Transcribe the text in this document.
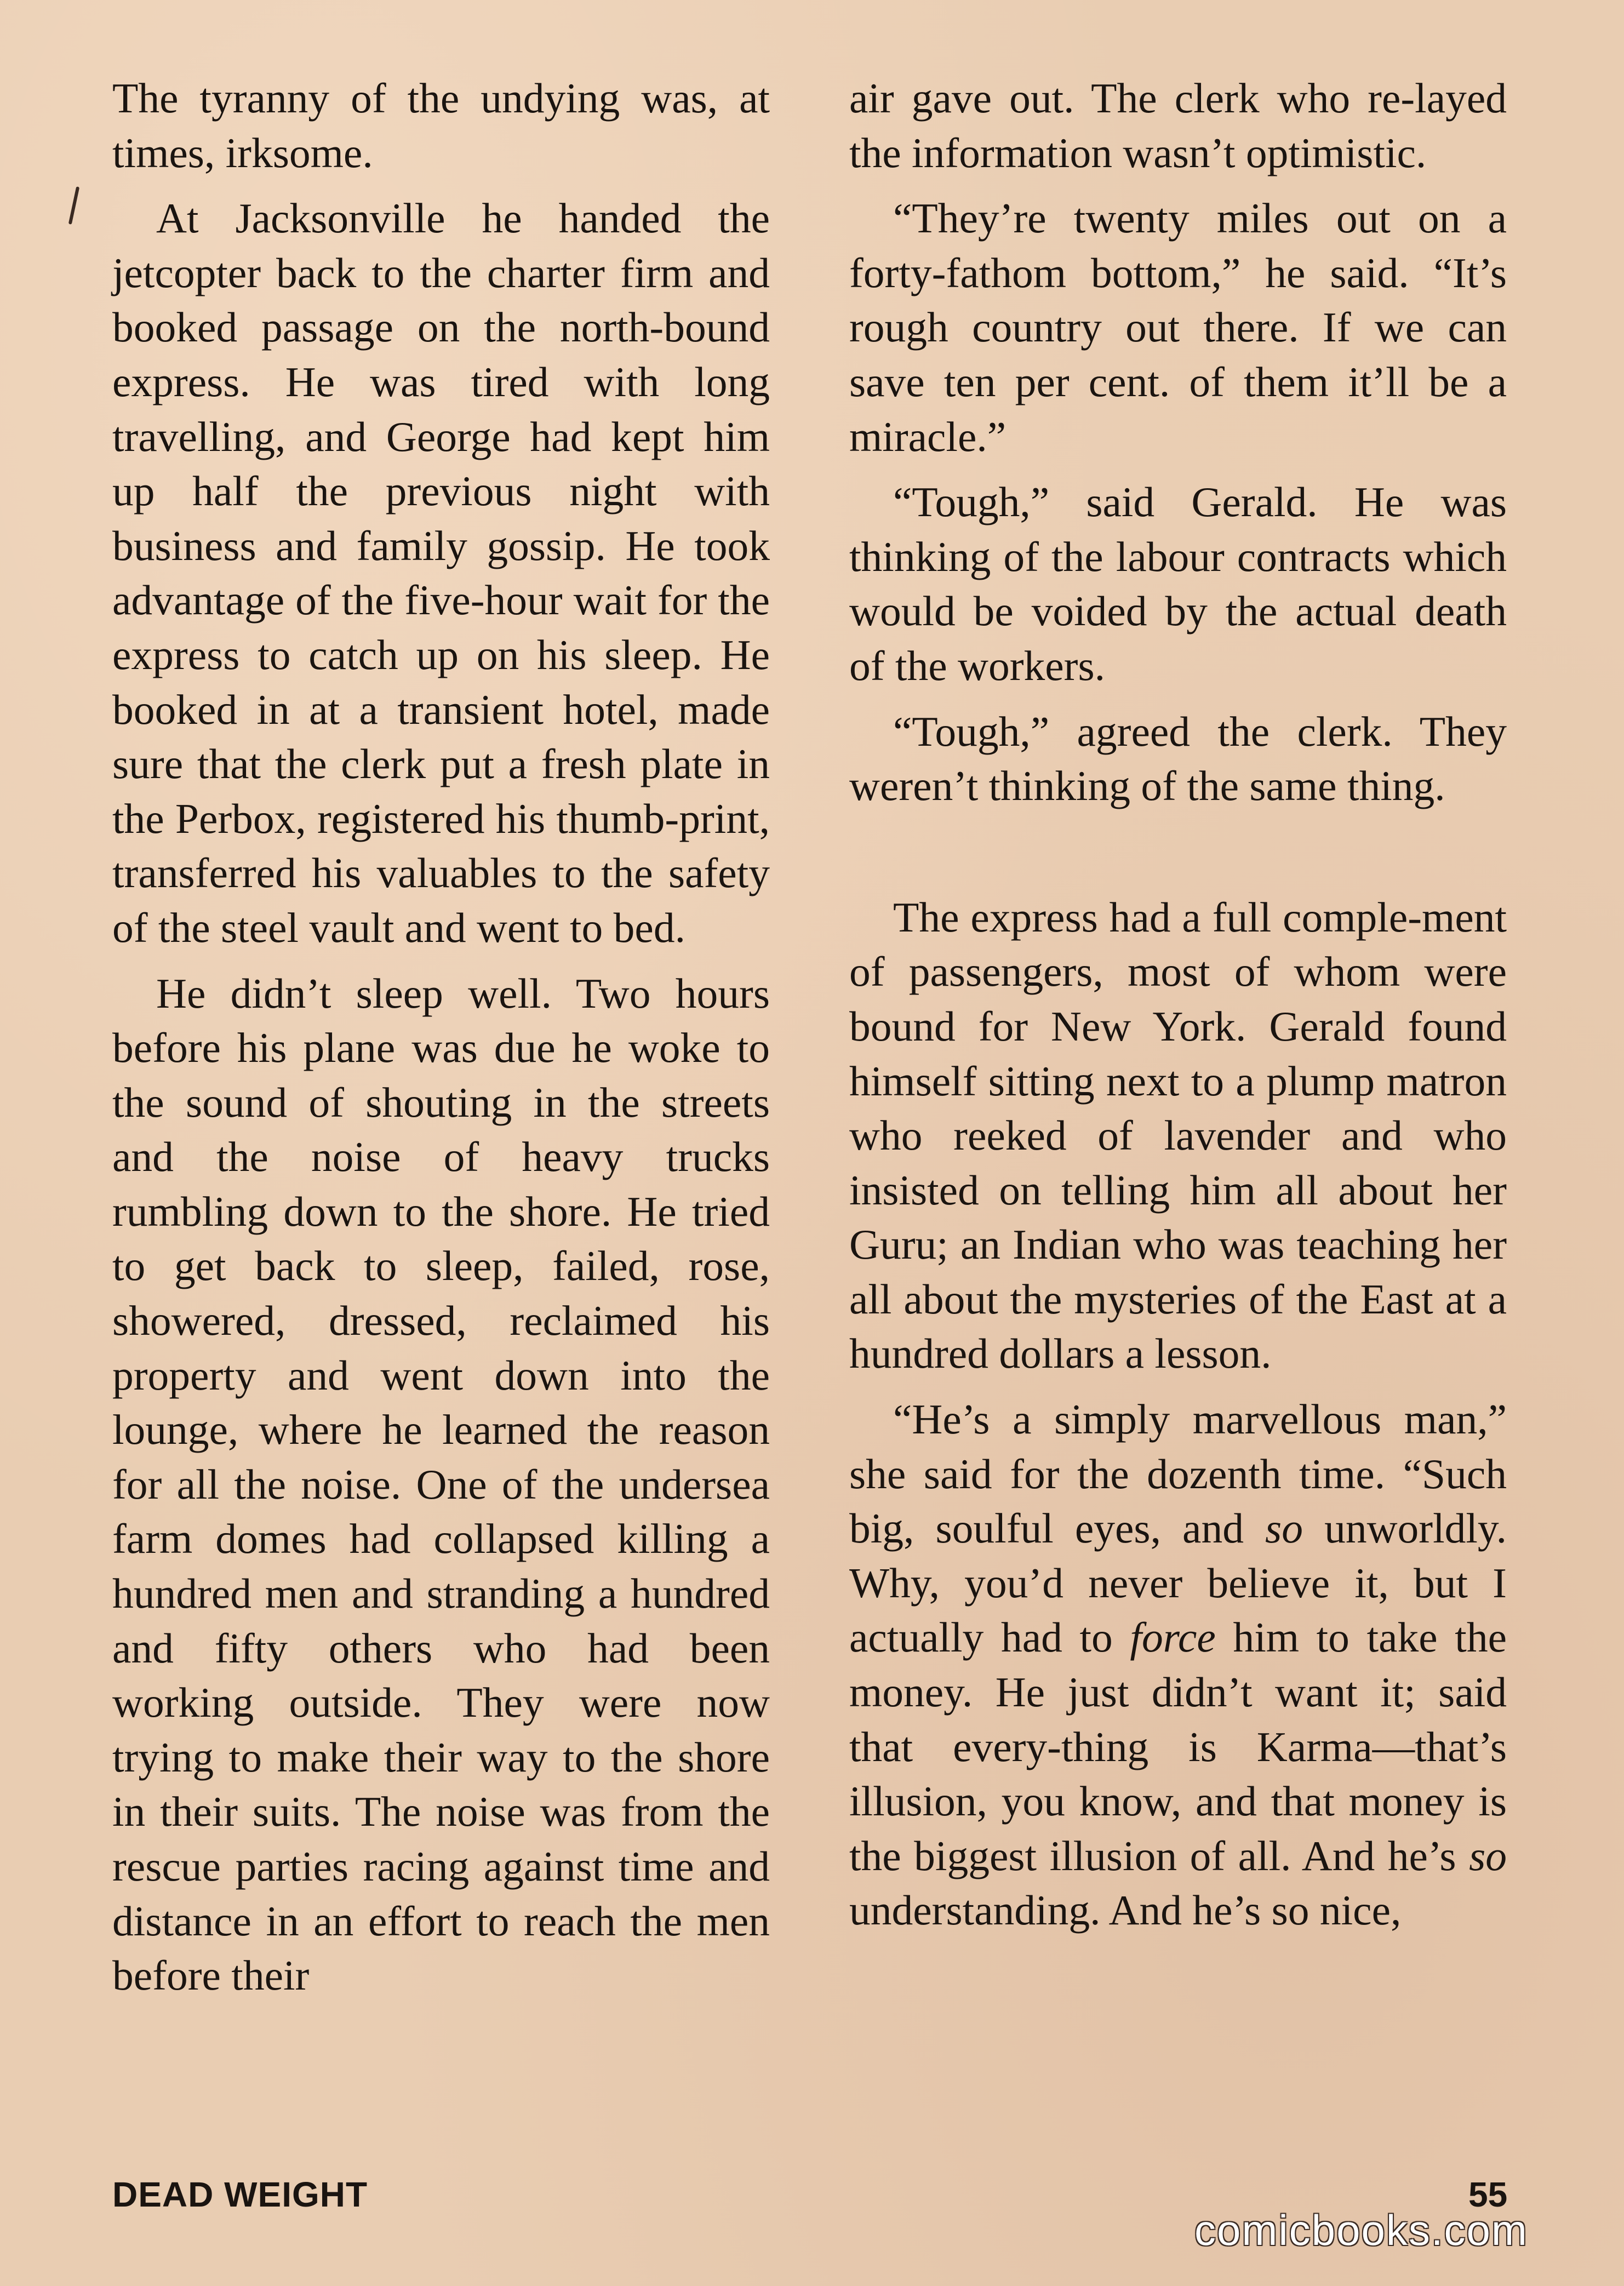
The tyranny of the undying was, at times, irksome.

At Jacksonville he handed the jetcopter back to the charter firm and booked passage on the north-bound express. He was tired with long travelling, and George had kept him up half the previous night with business and family gossip. He took advantage of the five-hour wait for the express to catch up on his sleep. He booked in at a transient hotel, made sure that the clerk put a fresh plate in the Perbox, registered his thumb-print, transferred his valuables to the safety of the steel vault and went to bed.

He didn’t sleep well. Two hours before his plane was due he woke to the sound of shouting in the streets and the noise of heavy trucks rumbling down to the shore. He tried to get back to sleep, failed, rose, showered, dressed, reclaimed his property and went down into the lounge, where he learned the reason for all the noise. One of the undersea farm domes had collapsed killing a hundred men and stranding a hundred and fifty others who had been working outside. They were now trying to make their way to the shore in their suits. The noise was from the rescue parties racing against time and distance in an effort to reach the men before their

air gave out. The clerk who re-layed the information wasn’t optimistic.

“They’re twenty miles out on a forty-fathom bottom,” he said. “It’s rough country out there. If we can save ten per cent. of them it’ll be a miracle.”

“Tough,” said Gerald. He was thinking of the labour contracts which would be voided by the actual death of the workers.

“Tough,” agreed the clerk. They weren’t thinking of the same thing.

The express had a full comple-ment of passengers, most of whom were bound for New York. Gerald found himself sitting next to a plump matron who reeked of lavender and who insisted on telling him all about her Guru; an Indian who was teaching her all about the mysteries of the East at a hundred dollars a lesson.

“He’s a simply marvellous man,” she said for the dozenth time. “Such big, soulful eyes, and so unworldly. Why, you’d never believe it, but I actually had to force him to take the money. He just didn’t want it; said that every-thing is Karma—that’s illusion, you know, and that money is the biggest illusion of all. And he’s so understanding. And he’s so nice,

DEAD WEIGHT	55
comicbooks.com
